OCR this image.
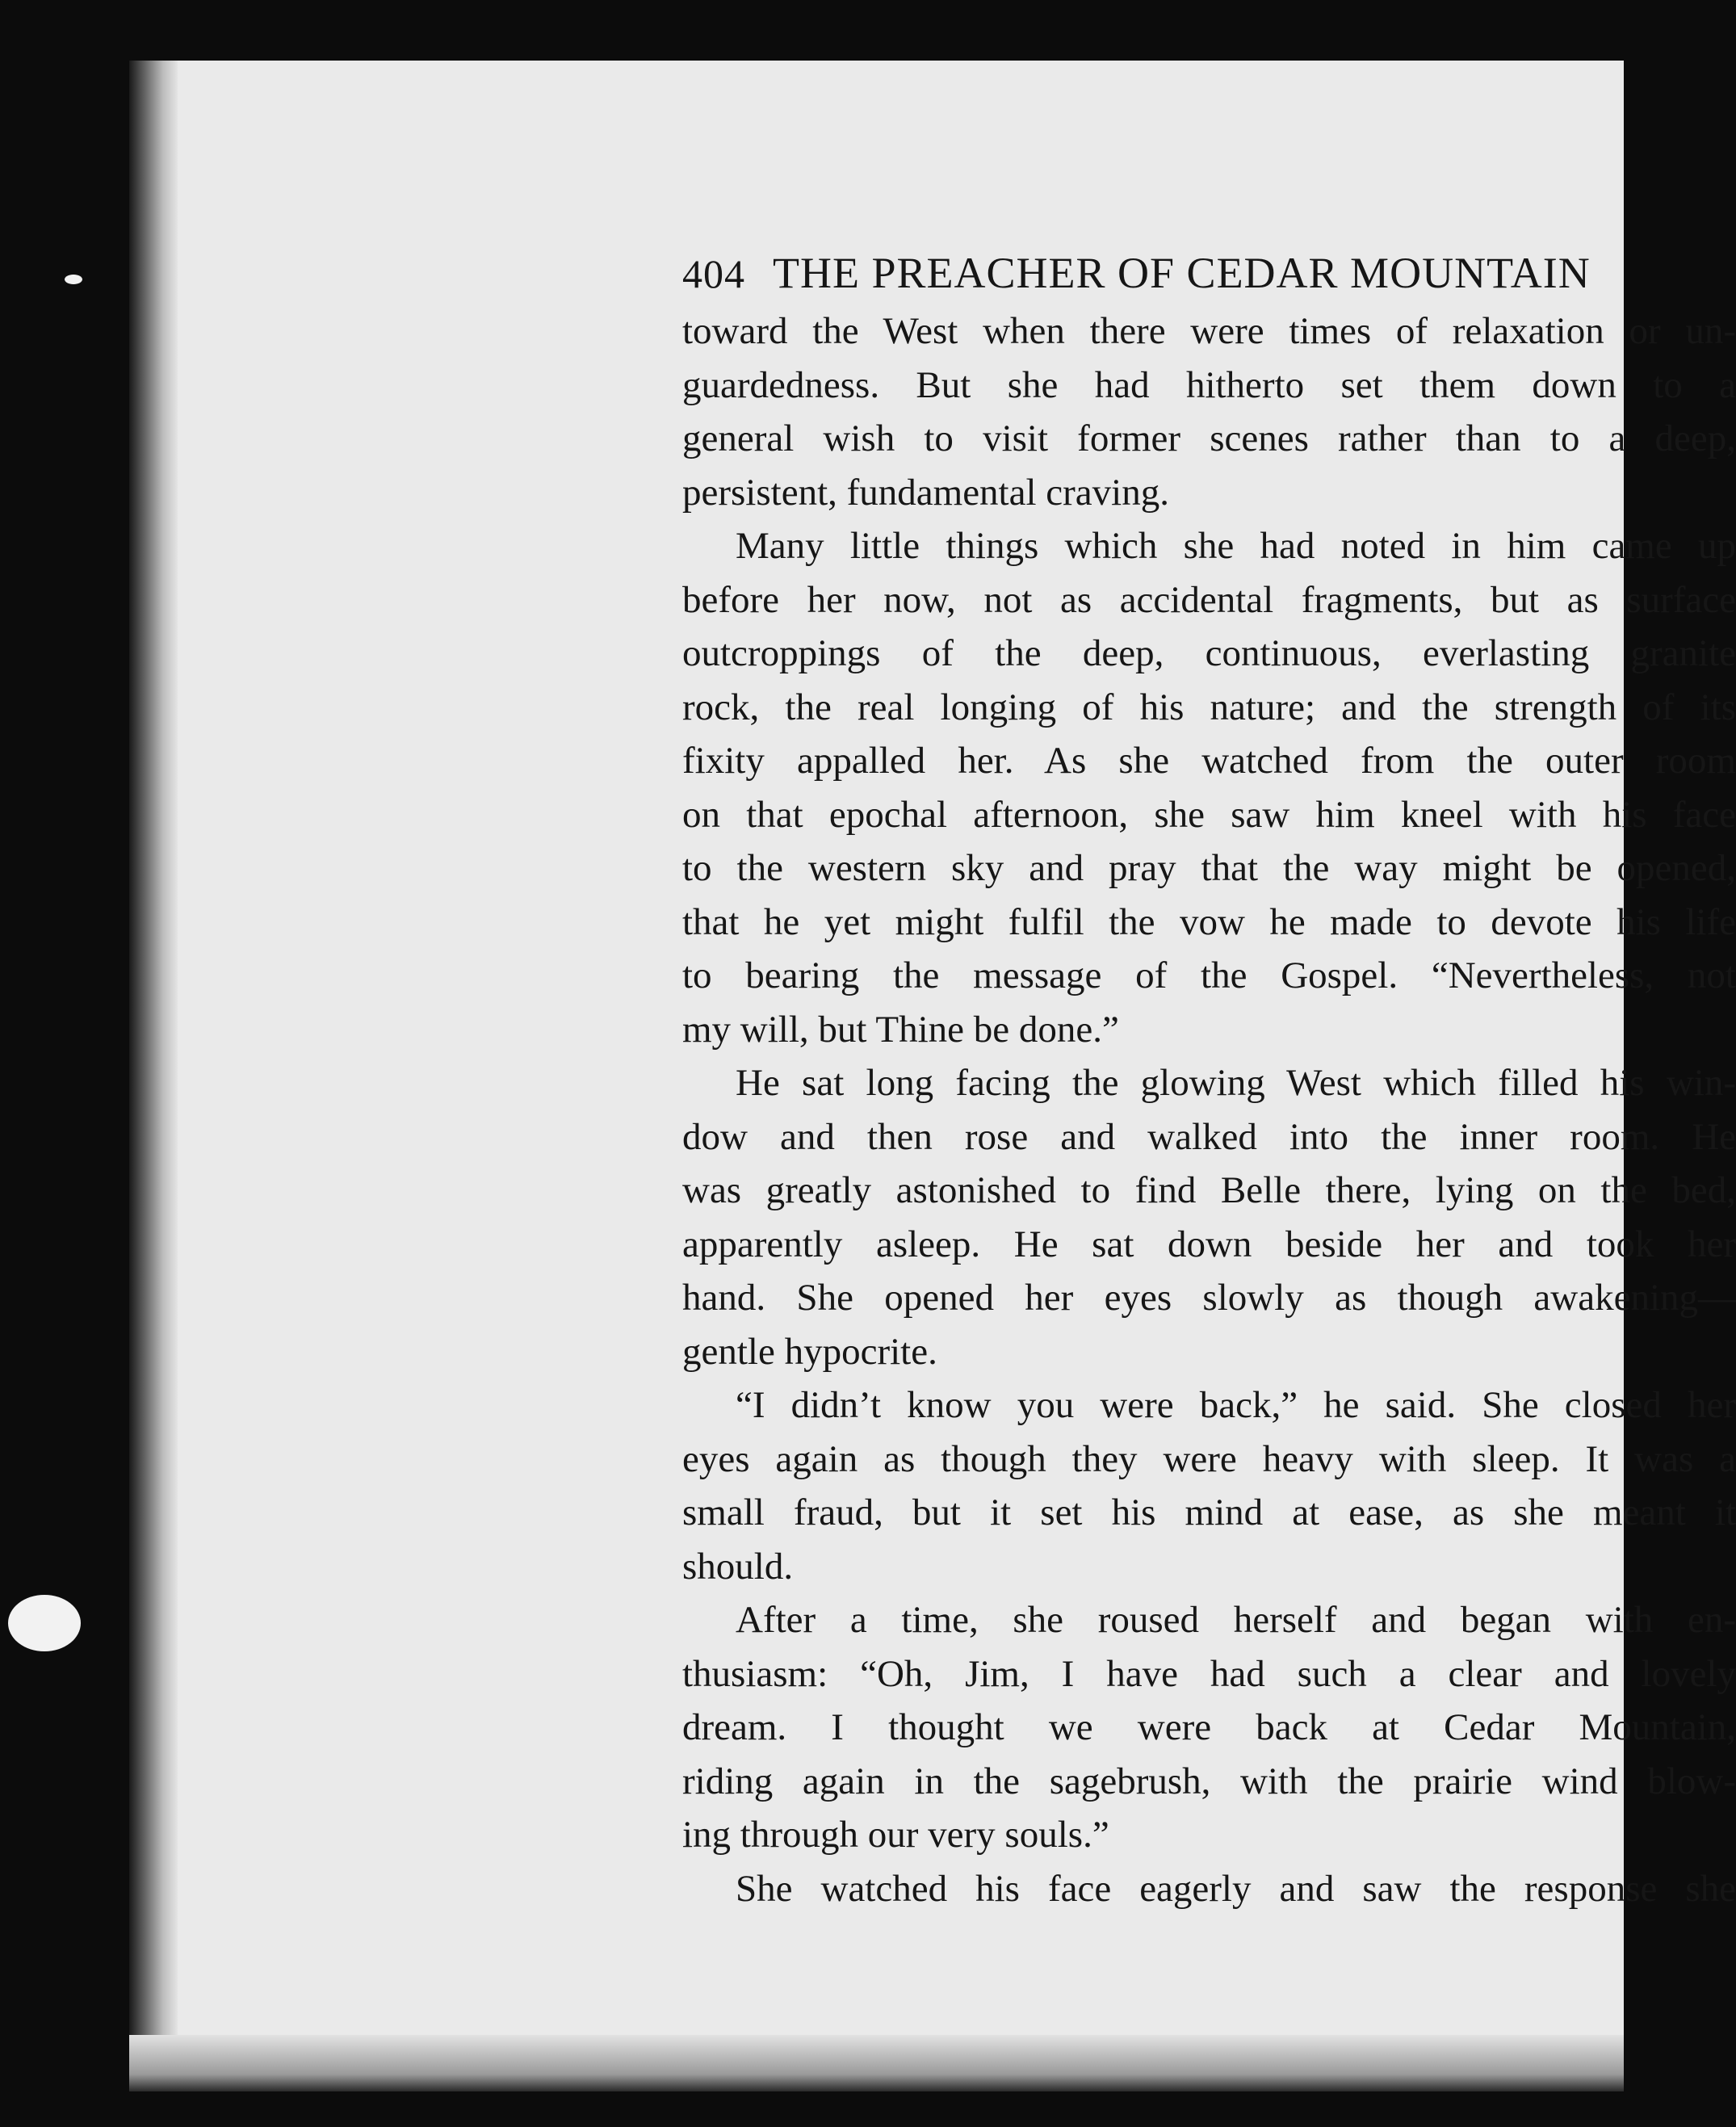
404 THE PREACHER OF CEDAR MOUNTAIN
toward the West when there were times of relaxation or un-
guardedness. But she had hitherto set them down to a
general wish to visit former scenes rather than to a deep,
persistent, fundamental craving.
Many little things which she had noted in him came up
before her now, not as accidental fragments, but as surface
outcroppings of the deep, continuous, everlasting granite
rock, the real longing of his nature; and the strength of its
fixity appalled her. As she watched from the outer room
on that epochal afternoon, she saw him kneel with his face
to the western sky and pray that the way might be opened,
that he yet might fulfil the vow he made to devote his life
to bearing the message of the Gospel. “Nevertheless, not
my will, but Thine be done.”
He sat long facing the glowing West which filled his win-
dow and then rose and walked into the inner room. He
was greatly astonished to find Belle there, lying on the bed,
apparently asleep. He sat down beside her and took her
hand. She opened her eyes slowly as though awakening—
gentle hypocrite.
“I didn’t know you were back,” he said. She closed her
eyes again as though they were heavy with sleep. It was a
small fraud, but it set his mind at ease, as she meant it
should.
After a time, she roused herself and began with en-
thusiasm: “Oh, Jim, I have had such a clear and lovely
dream. I thought we were back at Cedar Mountain,
riding again in the sagebrush, with the prairie wind blow-
ing through our very souls.”
She watched his face eagerly and saw the response she
